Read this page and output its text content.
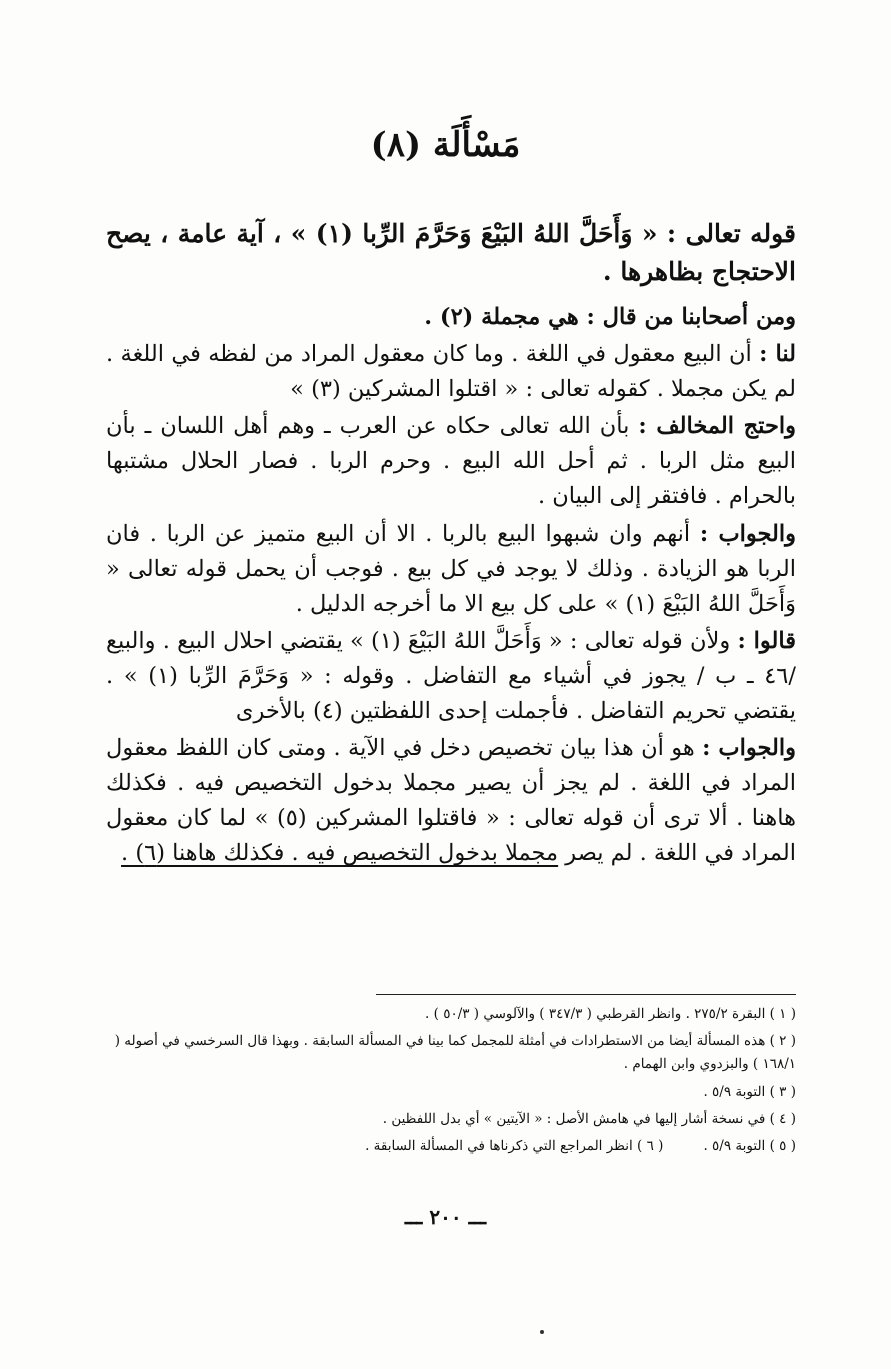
مَسْأَلَة (٨)

قوله تعالى : « وَأَحَلَّ اللهُ البَيْعَ وَحَرَّمَ الرِّبا (١) » ، آية عامة ، يصح الاحتجاج بظاهرها .

ومن أصحابنا من قال : هي مجملة (٢) .

لنا : أن البيع معقول في اللغة . وما كان معقول المراد من لفظه في اللغة . لم يكن مجملا . كقوله تعالى : « اقتلوا المشركين (٣) »

واحتج المخالف : بأن الله تعالى حكاه عن العرب ـ وهم أهل اللسان ـ بأن البيع مثل الربا . ثم أحل الله البيع . وحرم الربا . فصار الحلال مشتبها بالحرام . فافتقر إلى البيان .

والجواب : أنهم وان شبهوا البيع بالربا . الا أن البيع متميز عن الربا . فان الربا هو الزيادة . وذلك لا يوجد في كل بيع . فوجب أن يحمل قوله تعالى « وَأَحَلَّ اللهُ البَيْعَ (١) » على كل بيع الا ما أخرجه الدليل .

قالوا : ولأن قوله تعالى : « وَأَحَلَّ اللهُ البَيْعَ (١) » يقتضي احلال البيع . والبيع /٤٦ ـ ب / يجوز في أشياء مع التفاضل . وقوله : « وَحَرَّمَ الرِّبا (١) » . يقتضي تحريم التفاضل . فأجملت إحدى اللفظتين (٤) بالأخرى

والجواب : هو أن هذا بيان تخصيص دخل في الآية . ومتى كان اللفظ معقول المراد في اللغة . لم يجز أن يصير مجملا بدخول التخصيص فيه . فكذلك هاهنا . ألا ترى أن قوله تعالى : « فاقتلوا المشركين (٥) » لما كان معقول المراد في اللغة . لم يصر مجملا بدخول التخصيص فيه . فكذلك هاهنا (٦) .

( ١ ) البقرة ٢٧٥/٢ . وانظر القرطبي ( ٣٤٧/٣ ) والآلوسي ( ٥٠/٣ ) .

( ٢ ) هذه المسألة أيضا من الاستطرادات في أمثلة للمجمل كما بينا في المسألة السابقة . وبهذا قال السرخسي في أصوله ( ١٦٨/١ ) والبزدوي وابن الهمام .

( ٣ ) التوبة ٥/٩ .

( ٤ ) في نسخة أشار إليها في هامش الأصل : « الآيتين » أي بدل اللفظين .

( ٥ ) التوبة ٥/٩ .
( ٦ ) انظر المراجع التي ذكرناها في المسألة السابقة .
ـــ ٢٠٠ ـــ
